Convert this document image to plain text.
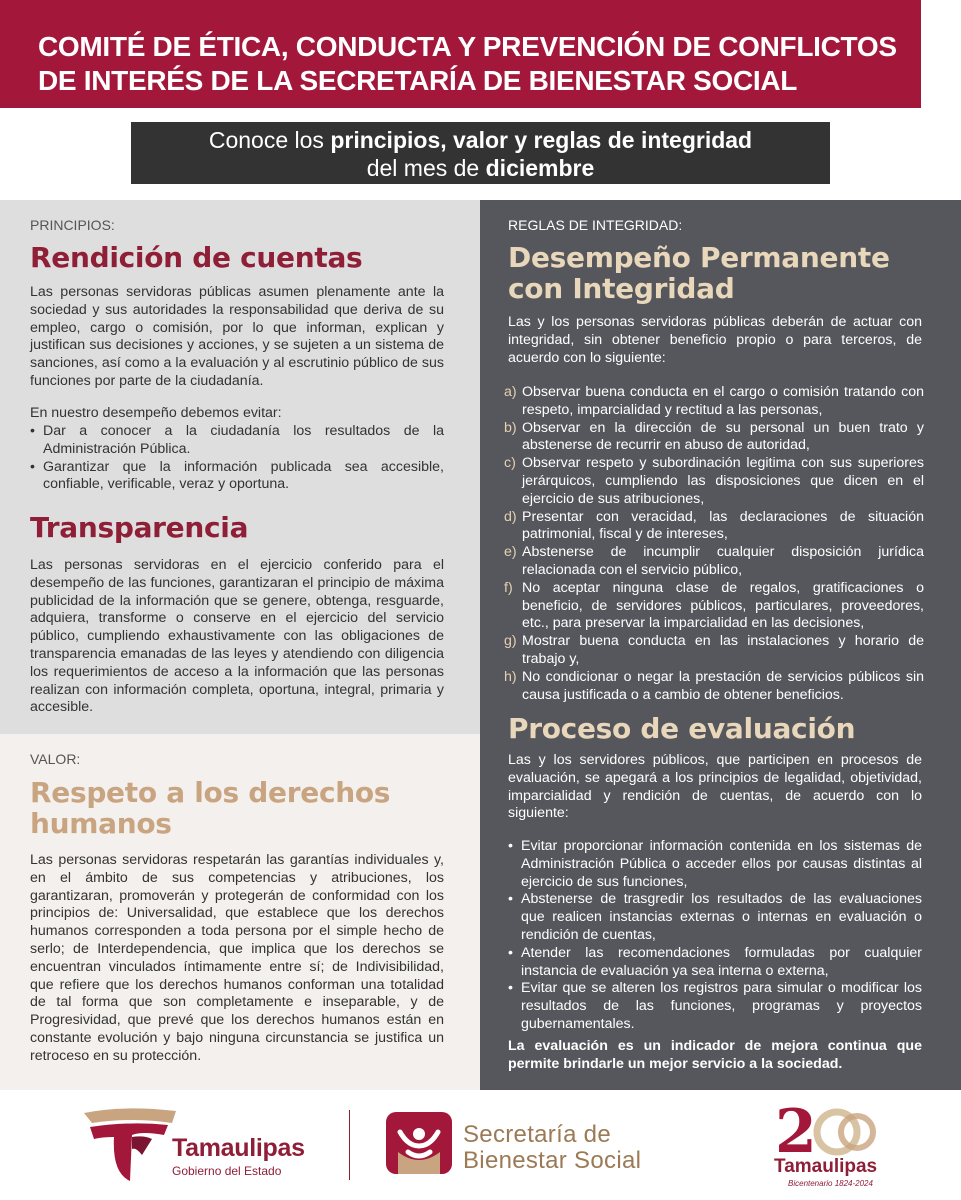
COMITÉ DE ÉTICA, CONDUCTA Y PREVENCIÓN DE CONFLICTOS
DE INTERÉS DE LA SECRETARÍA DE BIENESTAR SOCIAL
Conoce los principios, valor y reglas de integridad
del mes de diciembre
PRINCIPIOS:
Rendición de cuentas

Las personas servidoras públicas asumen plenamente ante la sociedad y sus autoridades la responsabilidad que deriva de su empleo, cargo o comisión, por lo que informan, explican y justifican sus decisiones y acciones, y se sujeten a un sistema de sanciones, así como a la evaluación y al escrutinio público de sus funciones por parte de la ciudadanía.

En nuestro desempeño debemos evitar:

• Dar a conocer a la ciudadanía los resultados de la Administración Pública.
• Garantizar que la información publicada sea accesible, confiable, verificable, veraz y oportuna.
Transparencia

Las personas servidoras en el ejercicio conferido para el desempeño de las funciones, garantizaran el principio de máxima publicidad de la información que se genere, obtenga, resguarde, adquiera, transforme o conserve en el ejercicio del servicio público, cumpliendo exhaustivamente con las obligaciones de transparencia emanadas de las leyes y atendiendo con diligencia los requerimientos de acceso a la información que las personas realizan con información completa, oportuna, integral, primaria y accesible.

VALOR:
Respeto a los derechos
humanos

Las personas servidoras respetarán las garantías individuales y, en el ámbito de sus competencias y atribuciones, los garantizaran, promoverán y protegerán de conformidad con los principios de: Universalidad, que establece que los derechos humanos corresponden a toda persona por el simple hecho de serlo; de Interdependencia, que implica que los derechos se encuentran vinculados íntimamente entre sí; de Indivisibilidad, que refiere que los derechos humanos conforman una totalidad de tal forma que son completamente e inseparable, y de Progresividad, que prevé que los derechos humanos están en constante evolución y bajo ninguna circunstancia se justifica un retroceso en su protección.

REGLAS DE INTEGRIDAD:
Desempeño Permanente
con Integridad

Las y los personas servidoras públicas deberán de actuar con integridad, sin obtener beneficio propio o para terceros, de acuerdo con lo siguiente:

a) Observar buena conducta en el cargo o comisión tratando con respeto, imparcialidad y rectitud a las personas,
b) Observar en la dirección de su personal un buen trato y abstenerse de recurrir en abuso de autoridad,
c) Observar respeto y subordinación legitima con sus superiores jerárquicos, cumpliendo las disposiciones que dicen en el ejercicio de sus atribuciones,
d) Presentar con veracidad, las declaraciones de situación patrimonial, fiscal y de intereses,
e) Abstenerse de incumplir cualquier disposición jurídica relacionada con el servicio público,
f) No aceptar ninguna clase de regalos, gratificaciones o beneficio, de servidores públicos, particulares, proveedores, etc., para preservar la imparcialidad en las decisiones,
g) Mostrar buena conducta en las instalaciones y horario de trabajo y,
h) No condicionar o negar la prestación de servicios públicos sin causa justificada o a cambio de obtener beneficios.
Proceso de evaluación

Las y los servidores públicos, que participen en procesos de evaluación, se apegará a los principios de legalidad, objetividad, imparcialidad y rendición de cuentas, de acuerdo con lo siguiente:

• Evitar proporcionar información contenida en los sistemas de Administración Pública o acceder ellos por causas distintas al ejercicio de sus funciones,
• Abstenerse de trasgredir los resultados de las evaluaciones que realicen instancias externas o internas en evaluación o rendición de cuentas,
• Atender las recomendaciones formuladas por cualquier instancia de evaluación ya sea interna o externa,
• Evitar que se alteren los registros para simular o modificar los resultados de las funciones, programas y proyectos gubernamentales.

La evaluación es un indicador de mejora continua que permite brindarle un mejor servicio a la sociedad.

Tamaulipas
Gobierno del Estado
Secretaría de
Bienestar Social 2
Tamaulipas
Bicentenario 1824-2024
